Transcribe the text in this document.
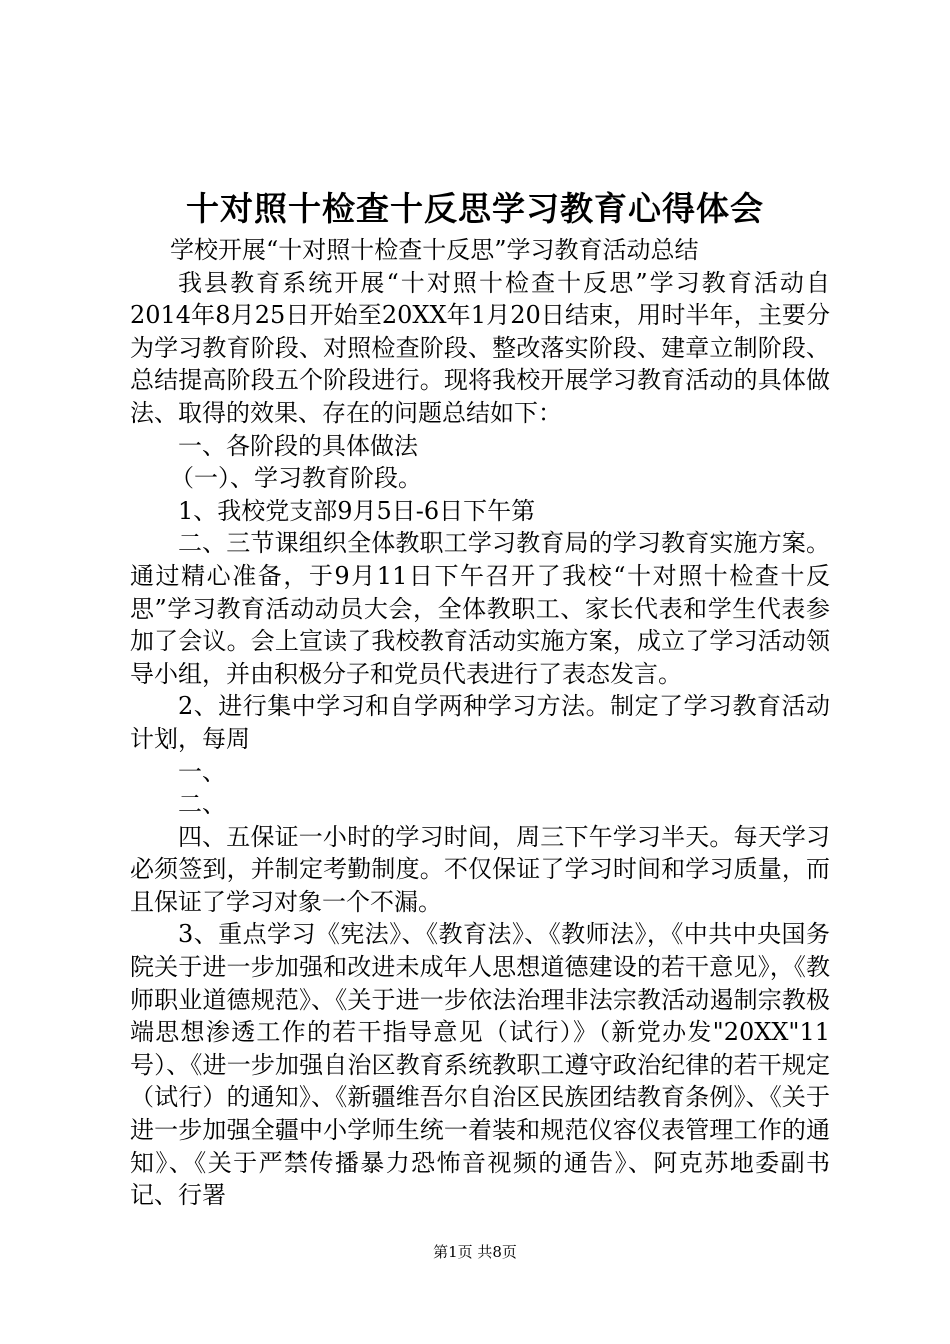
十对照十检查十反思学习教育心得体会

学校开展“十对照十检查十反思”学习教育活动总结

我县教育系统开展“十对照十检查十反思”学习教育活动自2014年8月25日开始至20XX年1月20日结束，用时半年，主要分为学习教育阶段、对照检查阶段、整改落实阶段、建章立制阶段、总结提高阶段五个阶段进行。现将我校开展学习教育活动的具体做法、取得的效果、存在的问题总结如下：

一、各阶段的具体做法

（一）、学习教育阶段。

1、我校党支部9月5日-6日下午第

二、三节课组织全体教职工学习教育局的学习教育实施方案。通过精心准备，于9月11日下午召开了我校“十对照十检查十反思”学习教育活动动员大会，全体教职工、家长代表和学生代表参加了会议。会上宣读了我校教育活动实施方案，成立了学习活动领导小组，并由积极分子和党员代表进行了表态发言。

2、进行集中学习和自学两种学习方法。制定了学习教育活动计划，每周

一、

二、

四、五保证一小时的学习时间，周三下午学习半天。每天学习必须签到，并制定考勤制度。不仅保证了学习时间和学习质量，而且保证了学习对象一个不漏。

3、重点学习《宪法》、《教育法》、《教师法》，《中共中央国务院关于进一步加强和改进未成年人思想道德建设的若干意见》，《教师职业道德规范》、《关于进一步依法治理非法宗教活动遏制宗教极端思想渗透工作的若干指导意见（试行）》（新党办发"20XX"11号）、《进一步加强自治区教育系统教职工遵守政治纪律的若干规定（试行）的通知》、《新疆维吾尔自治区民族团结教育条例》、《关于进一步加强全疆中小学师生统一着装和规范仪容仪表管理工作的通知》、《关于严禁传播暴力恐怖音视频的通告》、阿克苏地委副书记、行署

第1页 共8页
